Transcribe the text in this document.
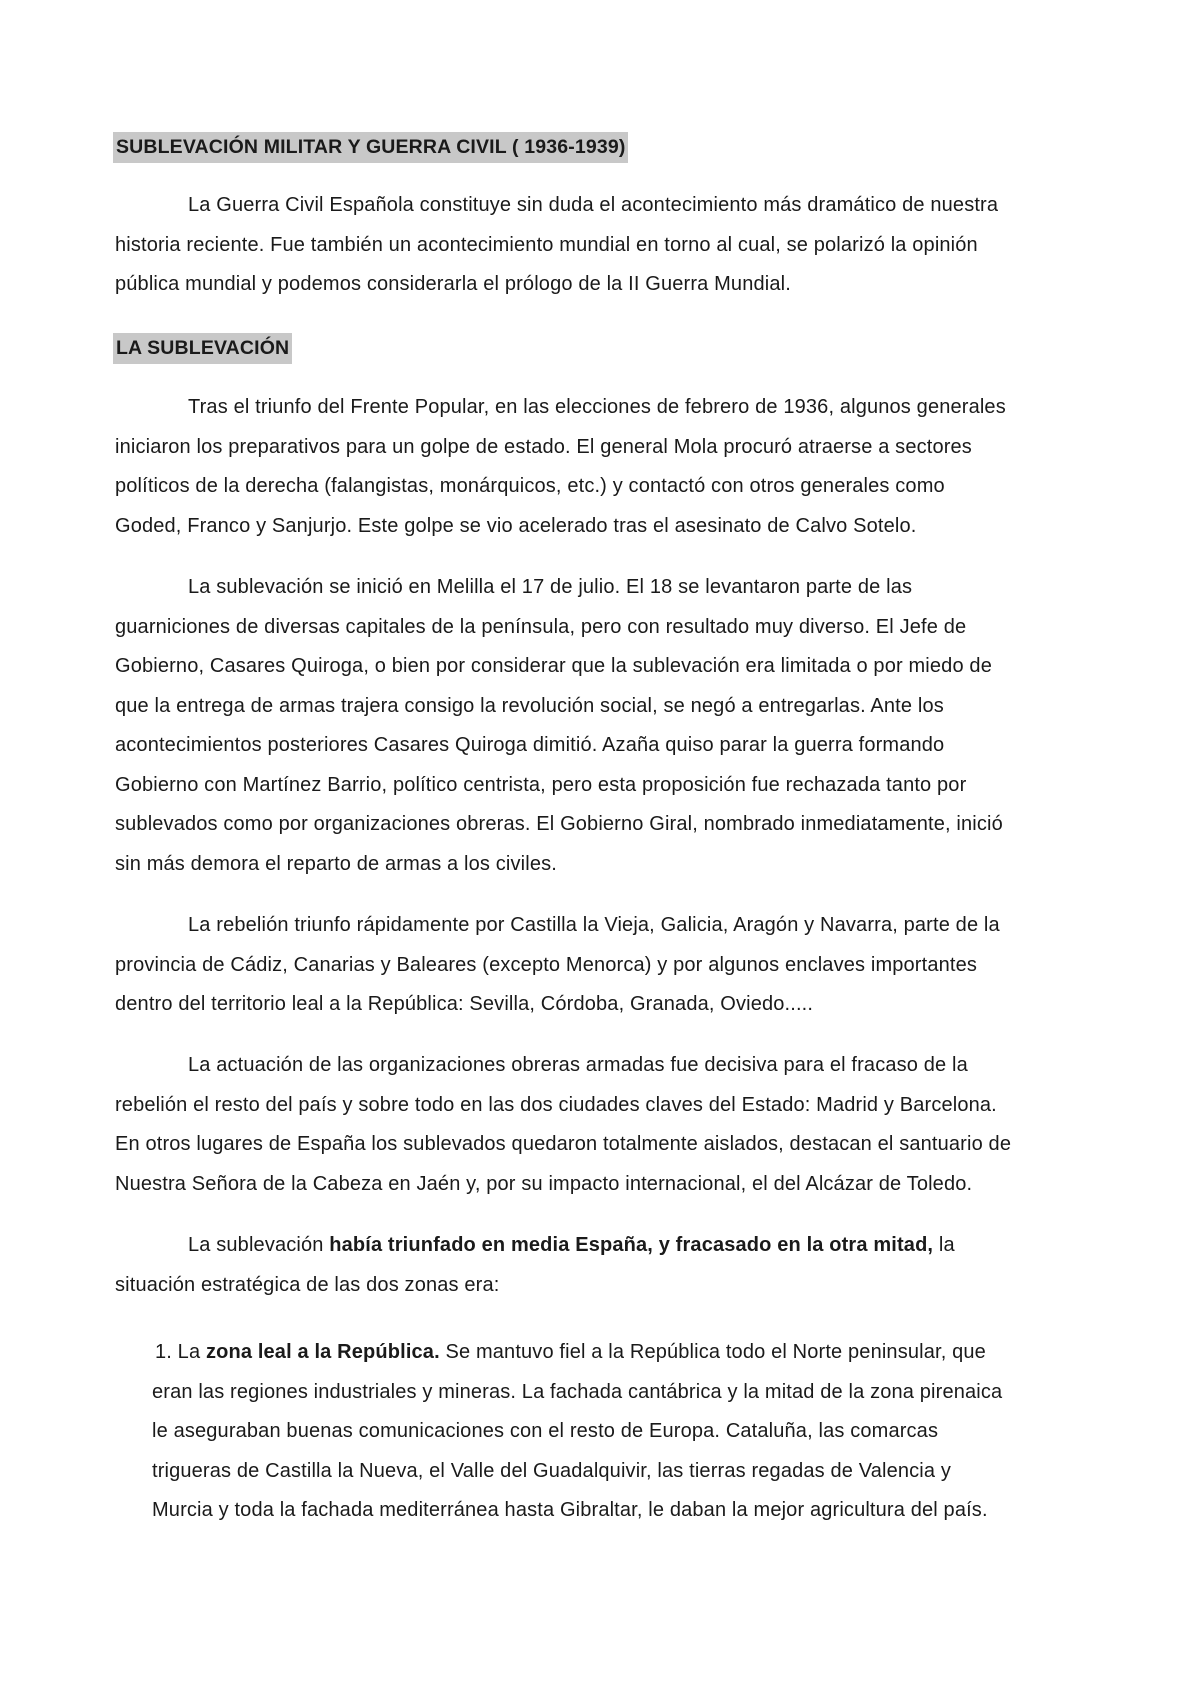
SUBLEVACIÓN MILITAR Y GUERRA CIVIL ( 1936-1939)
La Guerra Civil Española constituye sin duda el acontecimiento más dramático de nuestra
historia reciente. Fue también un acontecimiento mundial en torno al cual, se polarizó la opinión
pública mundial y podemos considerarla el prólogo de la II Guerra Mundial.
LA SUBLEVACIÓN
Tras el triunfo del Frente Popular, en las elecciones de febrero de 1936, algunos generales
iniciaron los preparativos para un golpe de estado. El general Mola procuró atraerse a sectores
políticos de la derecha (falangistas, monárquicos, etc.) y contactó con otros generales como
Goded, Franco y Sanjurjo. Este golpe se vio acelerado tras el asesinato de Calvo Sotelo.
La sublevación se inició en Melilla el 17 de julio. El 18 se levantaron parte de las
guarniciones de diversas capitales de la península, pero con resultado muy diverso. El Jefe de
Gobierno, Casares Quiroga, o bien por considerar que la sublevación era limitada o por miedo de
que la entrega de armas trajera consigo la revolución social, se negó a entregarlas. Ante los
acontecimientos posteriores Casares Quiroga dimitió. Azaña quiso parar la guerra formando
Gobierno con Martínez Barrio, político centrista, pero esta proposición fue rechazada tanto por
sublevados como por organizaciones obreras. El Gobierno Giral, nombrado inmediatamente, inició
sin más demora el reparto de armas a los civiles.
La rebelión triunfo rápidamente por Castilla la Vieja, Galicia, Aragón y Navarra, parte de la
provincia de Cádiz, Canarias y Baleares (excepto Menorca) y por algunos enclaves importantes
dentro del territorio leal a la República: Sevilla, Córdoba, Granada, Oviedo.....
La actuación de las organizaciones obreras armadas fue decisiva para el fracaso de la
rebelión el resto del país y sobre todo en las dos ciudades claves del Estado: Madrid y Barcelona.
En otros lugares de España los sublevados quedaron totalmente aislados, destacan el santuario de
Nuestra Señora de la Cabeza en Jaén y, por su impacto internacional, el del Alcázar de Toledo.
La sublevación había triunfado en media España, y fracasado en la otra mitad, la
situación estratégica de las dos zonas era:
1. La zona leal a la República. Se mantuvo fiel a la República todo el Norte peninsular, que
eran las regiones industriales y mineras. La fachada cantábrica y la mitad de la zona pirenaica
le aseguraban buenas comunicaciones con el resto de Europa. Cataluña, las comarcas
trigueras de Castilla la Nueva, el Valle del Guadalquivir, las tierras regadas de Valencia y
Murcia y toda la fachada mediterránea hasta Gibraltar, le daban la mejor agricultura del país.
